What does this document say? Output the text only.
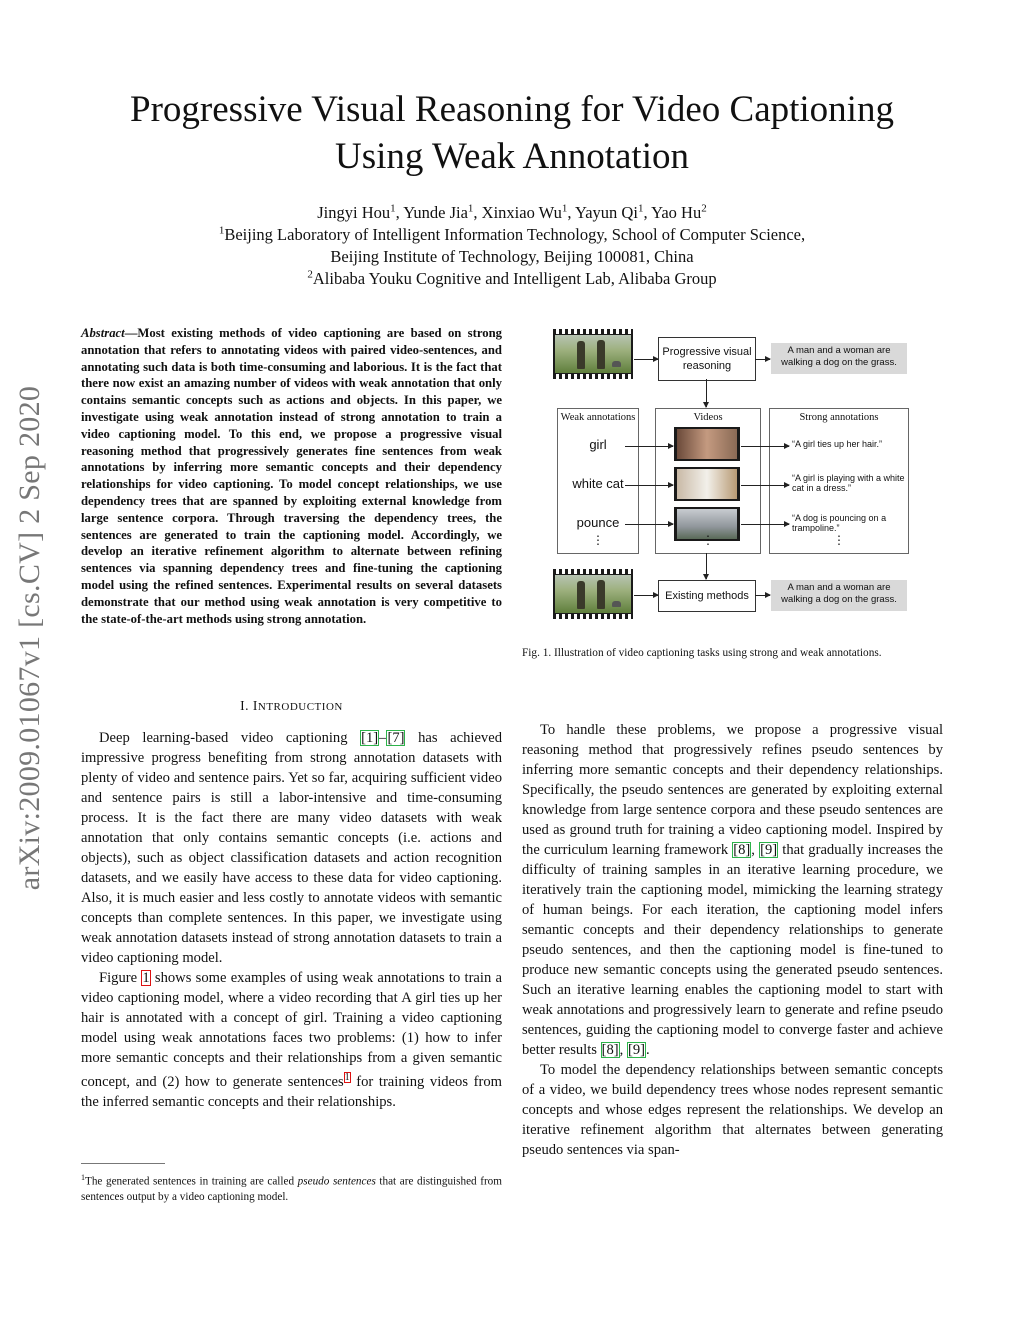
Progressive Visual Reasoning for Video Captioning
Using Weak Annotation
Jingyi Hou$^1$, Yunde Jia$^1$, Xinxiao Wu$^1$, Yayun Qi$^1$, Yao Hu$^2$
$^1$Beijing Laboratory of Intelligent Information Technology, School of Computer Science,
Beijing Institute of Technology, Beijing 100081, China
$^2$Alibaba Youku Cognitive and Intelligent Lab, Alibaba Group
arXiv:2009.01067v1 [cs.CV] 2 Sep 2020
Abstract—Most existing methods of video captioning are based on strong annotation that refers to annotating videos with paired video-sentences, and annotating such data is both time-consuming and laborious. It is the fact that there now exist an amazing number of videos with weak annotation that only contains semantic concepts such as actions and objects. In this paper, we investigate using weak annotation instead of strong annotation to train a video captioning model. To this end, we propose a progressive visual reasoning method that progressively generates fine sentences from weak annotations by inferring more semantic concepts and their dependency relationships for video captioning. To model concept relationships, we use dependency trees that are spanned by exploiting external knowledge from large sentence corpora. Through traversing the dependency trees, the sentences are generated to train the captioning model. Accordingly, we develop an iterative refinement algorithm to alternate between refining sentences via spanning dependency trees and fine-tuning the captioning model using the refined sentences. Experimental results on several datasets demonstrate that our method using weak annotation is very competitive to the state-of-the-art methods using strong annotation.
I. INTRODUCTION

Deep learning-based video captioning [1]–[7] has achieved impressive progress benefiting from strong annotation datasets with plenty of video and sentence pairs. Yet so far, acquiring sufficient video and sentence pairs is still a labor-intensive and time-consuming process. It is the fact there are many video datasets with weak annotation that only contains semantic concepts (i.e. actions and objects), such as object classification datasets and action recognition datasets, and we easily have access to these data for video captioning. Also, it is much easier and less costly to annotate videos with semantic concepts than complete sentences. In this paper, we investigate using weak annotation datasets instead of strong annotation datasets to train a video captioning model.

Figure 1 shows some examples of using weak annotations to train a video captioning model, where a video recording that A girl ties up her hair is annotated with a concept of girl. Training a video captioning model using weak annotations faces two problems: (1) how to infer more semantic concepts and their relationships from a given semantic concept, and (2) how to generate sentences$^1$ for training videos from the inferred semantic concepts and their relationships.

$^1$The generated sentences in training are called pseudo sentences that are distinguished from sentences output by a video captioning model.
Progressive visual reasoning
A man and a woman are walking a dog on the grass.
Weak annotations
girl
white cat
pounce
⋮
Videos
⋮
Strong annotations
“A girl ties up her hair.”
“A girl is playing with a white cat in a dress.”
“A dog is pouncing on a trampoline.”
⋮
Existing methods
A man and a woman are walking a dog on the grass.
Fig. 1. Illustration of video captioning tasks using strong and weak annotations.

To handle these problems, we propose a progressive visual reasoning method that progressively refines pseudo sentences by inferring more semantic concepts and their dependency relationships. Specifically, the pseudo sentences are generated by exploiting external knowledge from large sentence corpora and these pseudo sentences are used as ground truth for training a video captioning model. Inspired by the curriculum learning framework [8], [9] that gradually increases the difficulty of training samples in an iterative learning procedure, we iteratively train the captioning model, mimicking the learning strategy of human beings. For each iteration, the captioning model infers semantic concepts and their dependency relationships to generate pseudo sentences, and then the captioning model is fine-tuned to produce new semantic concepts using the generated pseudo sentences. Such an iterative learning enables the captioning model to start with weak annotations and progressively learn to generate and refine pseudo sentences, guiding the captioning model to converge faster and achieve better results [8], [9].

To model the dependency relationships between semantic concepts of a video, we build dependency trees whose nodes represent semantic concepts and whose edges represent the relationships. We develop an iterative refinement algorithm that alternates between generating pseudo sentences via span-
